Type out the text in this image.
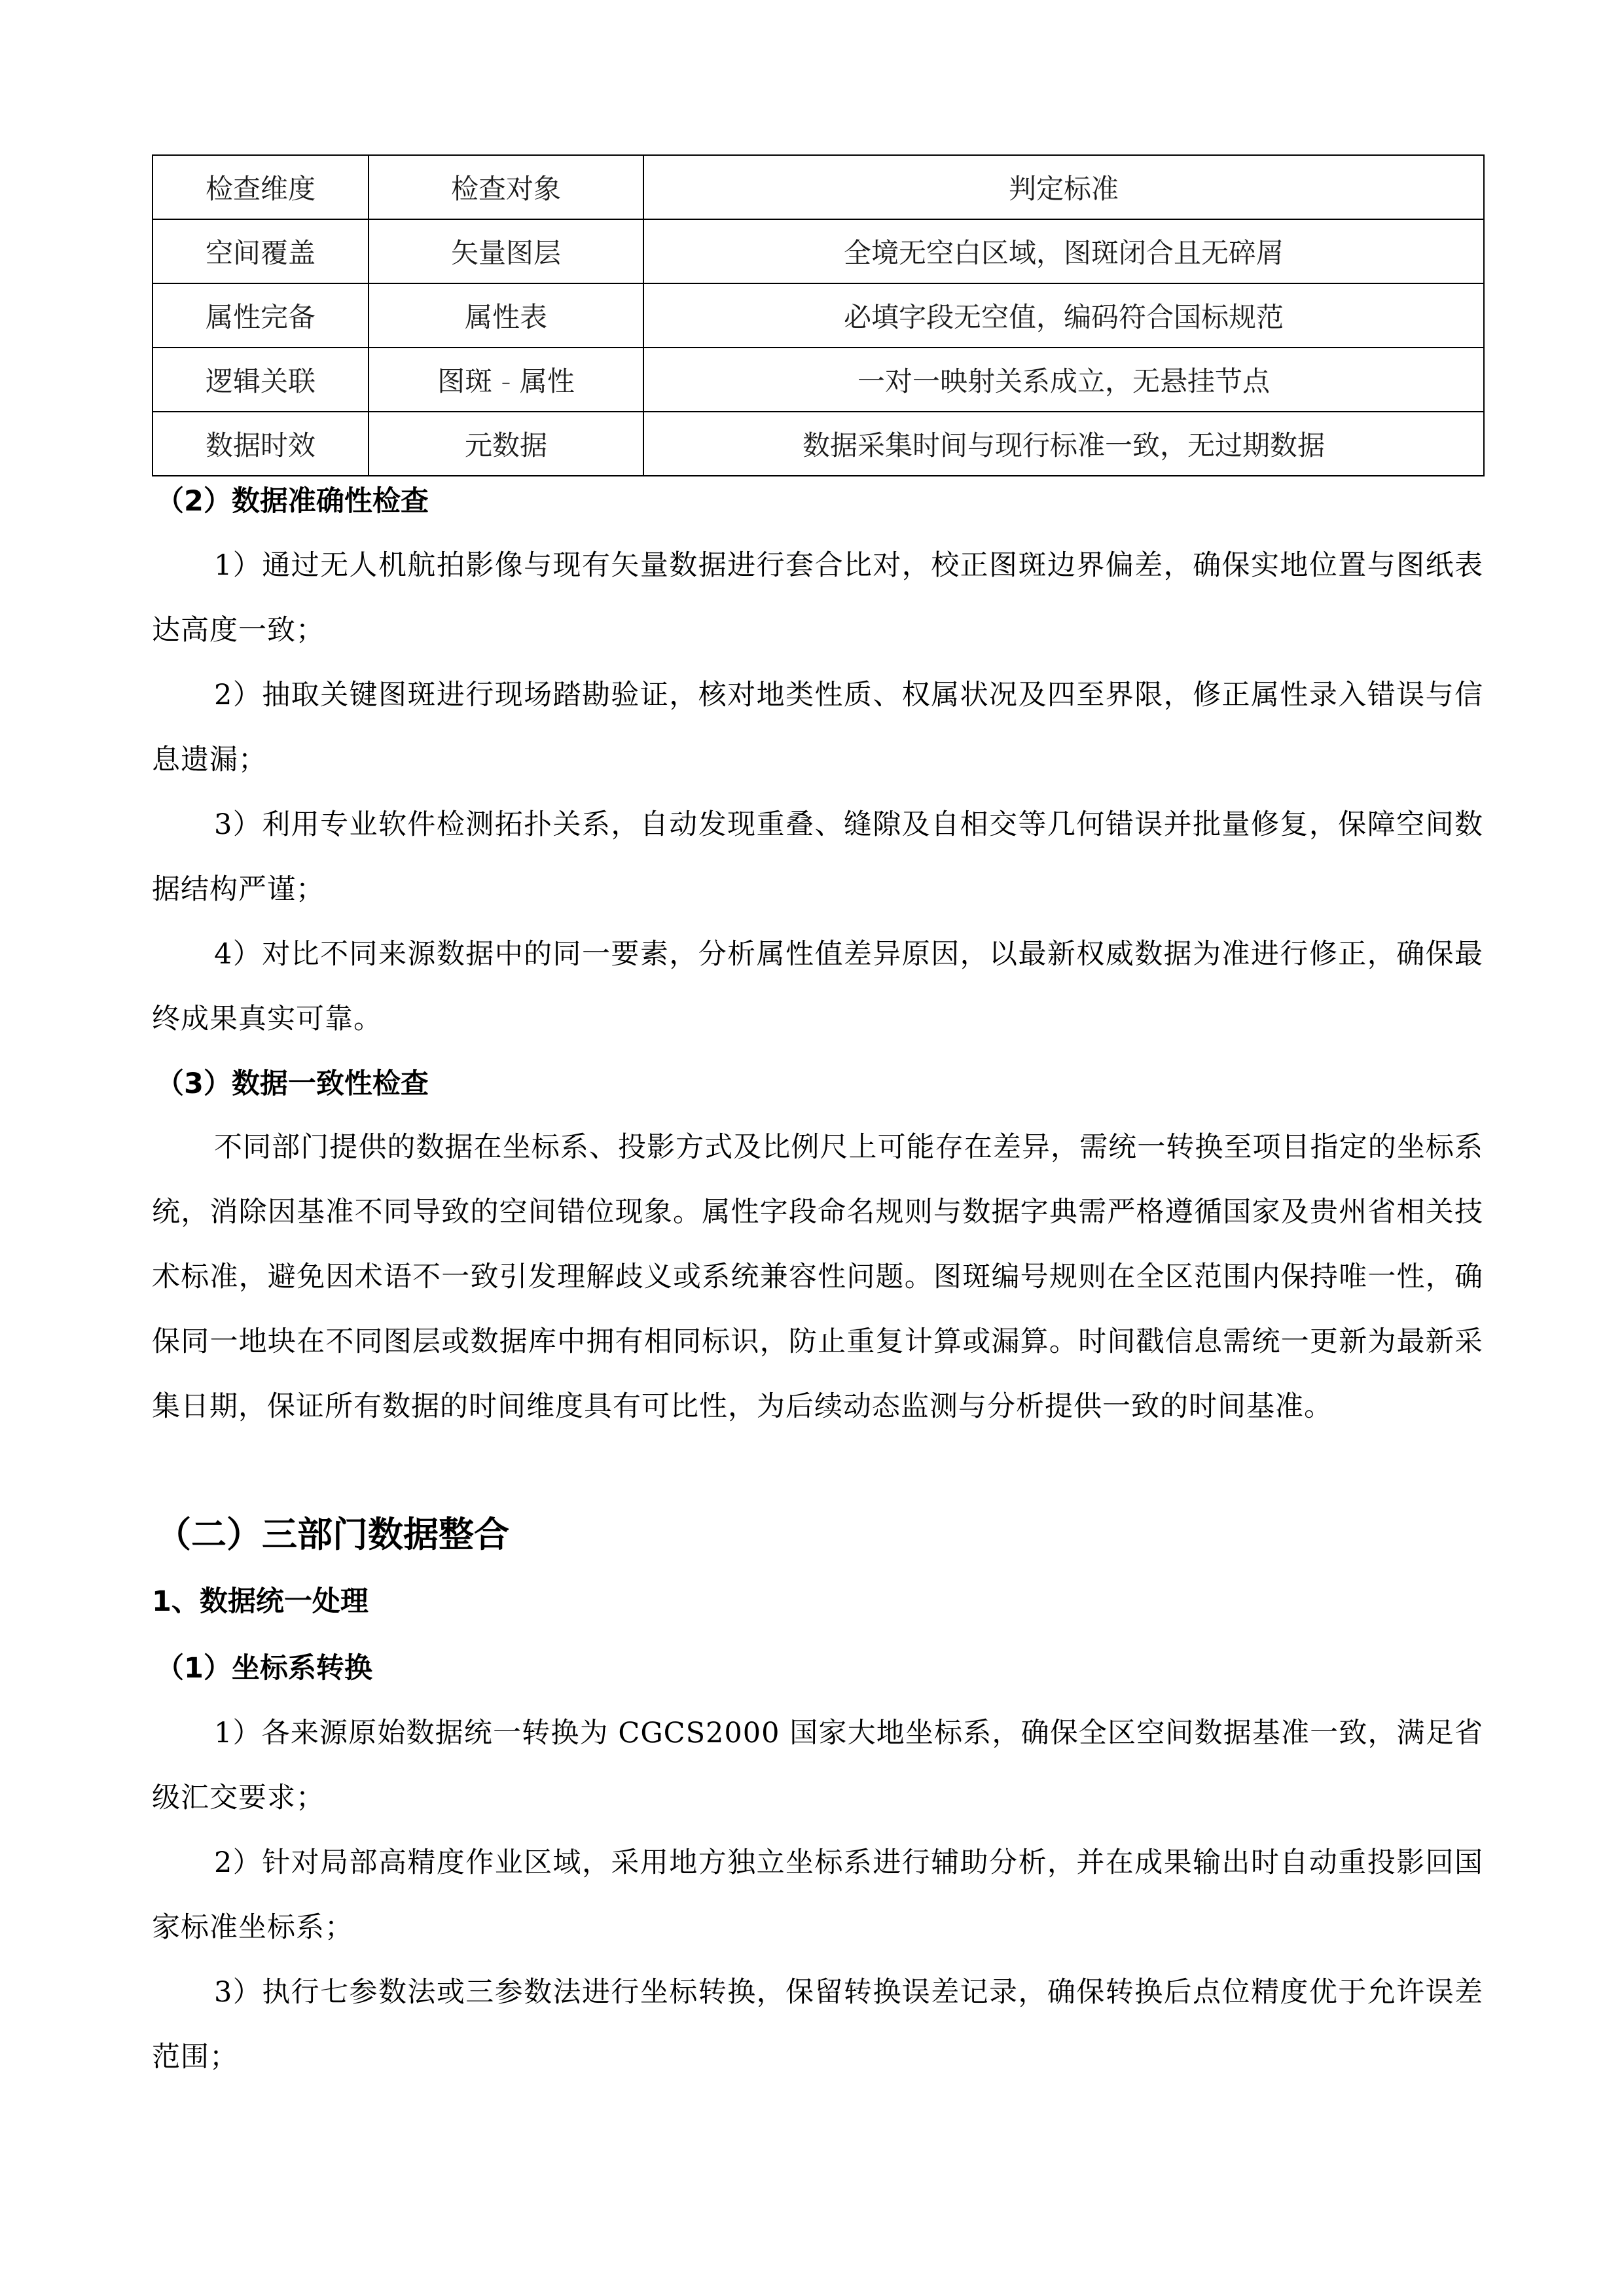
检查维度	检查对象	判定标准
空间覆盖	矢量图层	全境无空白区域，图斑闭合且无碎屑
属性完备	属性表	必填字段无空值，编码符合国标规范
逻辑关联	图斑 - 属性	一对一映射关系成立，无悬挂节点
数据时效	元数据	数据采集时间与现行标准一致，无过期数据
（2）数据准确性检查
1）通过无人机航拍影像与现有矢量数据进行套合比对，校正图斑边界偏差，确保实地位置与图纸表达高度一致；
2）抽取关键图斑进行现场踏勘验证，核对地类性质、权属状况及四至界限，修正属性录入错误与信息遗漏；
3）利用专业软件检测拓扑关系，自动发现重叠、缝隙及自相交等几何错误并批量修复，保障空间数据结构严谨；
4）对比不同来源数据中的同一要素，分析属性值差异原因，以最新权威数据为准进行修正，确保最终成果真实可靠。
（3）数据一致性检查
不同部门提供的数据在坐标系、投影方式及比例尺上可能存在差异，需统一转换至项目指定的坐标系统，消除因基准不同导致的空间错位现象。属性字段命名规则与数据字典需严格遵循国家及贵州省相关技术标准，避免因术语不一致引发理解歧义或系统兼容性问题。图斑编号规则在全区范围内保持唯一性，确保同一地块在不同图层或数据库中拥有相同标识，防止重复计算或漏算。时间戳信息需统一更新为最新采集日期，保证所有数据的时间维度具有可比性，为后续动态监测与分析提供一致的时间基准。
（二）三部门数据整合
1、数据统一处理
（1）坐标系转换
1）各来源原始数据统一转换为 CGCS2000 国家大地坐标系，确保全区空间数据基准一致，满足省级汇交要求；
2）针对局部高精度作业区域，采用地方独立坐标系进行辅助分析，并在成果输出时自动重投影回国家标准坐标系；
3）执行七参数法或三参数法进行坐标转换，保留转换误差记录，确保转换后点位精度优于允许误差范围；
